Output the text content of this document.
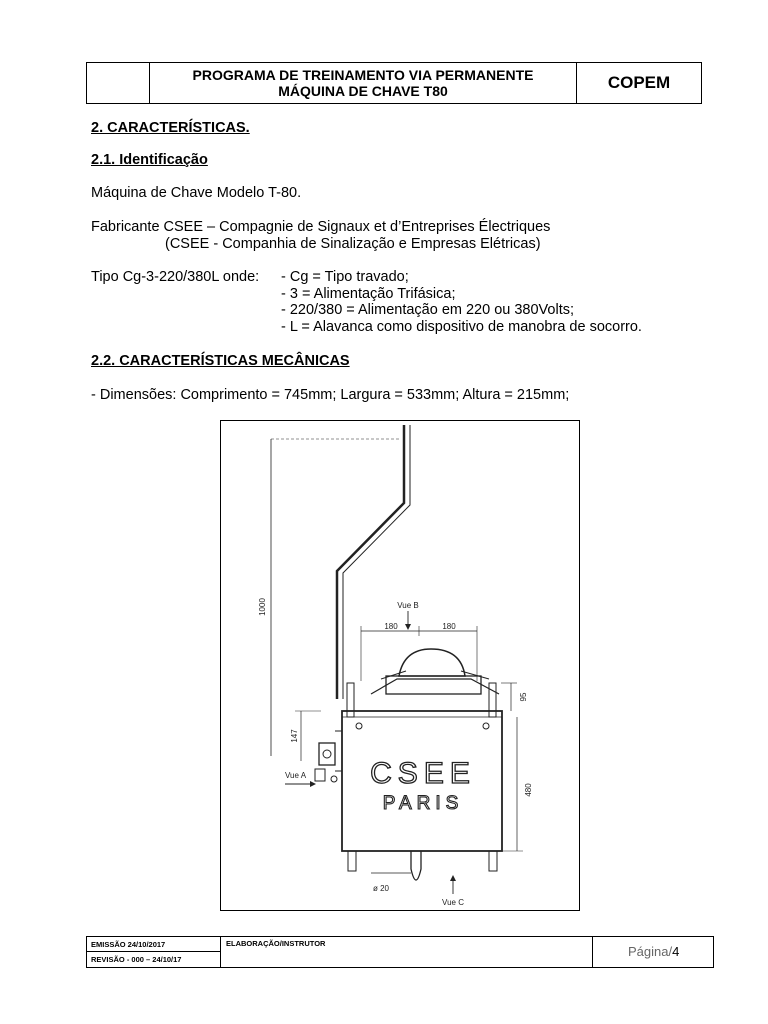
PROGRAMA DE TREINAMENTO VIA PERMANENTE
MÁQUINA DE CHAVE T80	COPEM
2. CARACTERÍSTICAS.
2.1. Identificação
Máquina de Chave Modelo T-80.
Fabricante CSEE – Compagnie de Signaux et d’Entreprises Électriques
(CSEE - Companhia de Sinalização e Empresas Elétricas)
Tipo Cg-3-220/380L onde: - Cg = Tipo travado;
- 3 = Alimentação Trifásica;
- 220/380 = Alimentação em 220 ou 380Volts;
- L = Alavanca como dispositivo de manobra de socorro.
2.2. CARACTERÍSTICAS MECÂNICAS
- Dimensões: Comprimento = 745mm; Largura = 533mm; Altura = 215mm;
1000	Vue B
180	180
95
CSEE
PARIS
147
Vue A
480
ø 20
Vue C
EMISSÃO 24/10/2017
REVISÃO - 000 – 24/10/17
ELABORAÇÃO/INSTRUTOR
Página/4
